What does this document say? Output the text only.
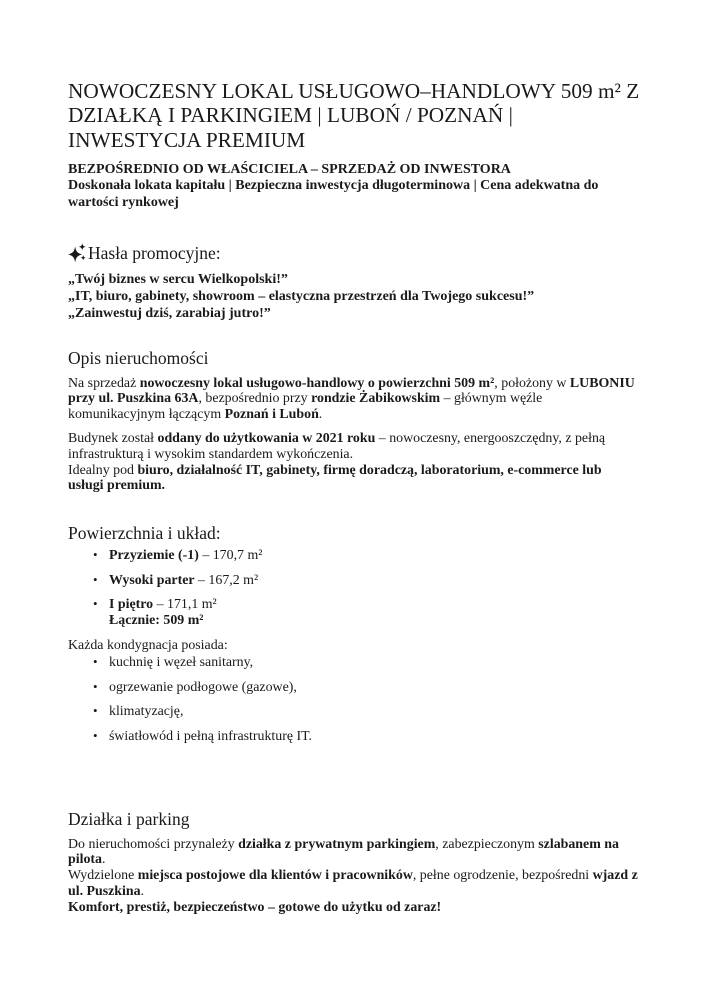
NOWOCZESNY LOKAL USŁUGOWO–HANDLOWY 509 m² Z DZIAŁKĄ I PARKINGIEM | LUBOŃ / POZNAŃ | INWESTYCJA PREMIUM

BEZPOŚREDNIO OD WŁAŚCICIELA – SPRZEDAŻ OD INWESTORA

Doskonała lokata kapitału | Bezpieczna inwestycja długoterminowa | Cena adekwatna do wartości rynkowej

Hasła promocyjne:

„Twój biznes w sercu Wielkopolski!”
„IT, biuro, gabinety, showroom – elastyczna przestrzeń dla Twojego sukcesu!”
„Zainwestuj dziś, zarabiaj jutro!”

Opis nieruchomości

Na sprzedaż nowoczesny lokal usługowo-handlowy o powierzchni 509 m², położony w LUBONIU przy ul. Puszkina 63A, bezpośrednio przy rondzie Żabikowskim – głównym węźle komunikacyjnym łączącym Poznań i Luboń.

Budynek został oddany do użytkowania w 2021 roku – nowoczesny, energooszczędny, z pełną infrastrukturą i wysokim standardem wykończenia.
Idealny pod biuro, działalność IT, gabinety, firmę doradczą, laboratorium, e-commerce lub usługi premium.

Powierzchnia i układ:
• Przyziemie (-1) – 170,7 m²
• Wysoki parter – 167,2 m²
• I piętro – 171,1 m²
Łącznie: 509 m²

Każda kondygnacja posiada:

• kuchnię i węzeł sanitarny,
• ogrzewanie podłogowe (gazowe),
• klimatyzację,
• światłowód i pełną infrastrukturę IT.
Działka i parking

Do nieruchomości przynależy działka z prywatnym parkingiem, zabezpieczonym szlabanem na pilota.
Wydzielone miejsca postojowe dla klientów i pracowników, pełne ogrodzenie, bezpośredni wjazd z ul. Puszkina.
Komfort, prestiż, bezpieczeństwo – gotowe do użytku od zaraz!
